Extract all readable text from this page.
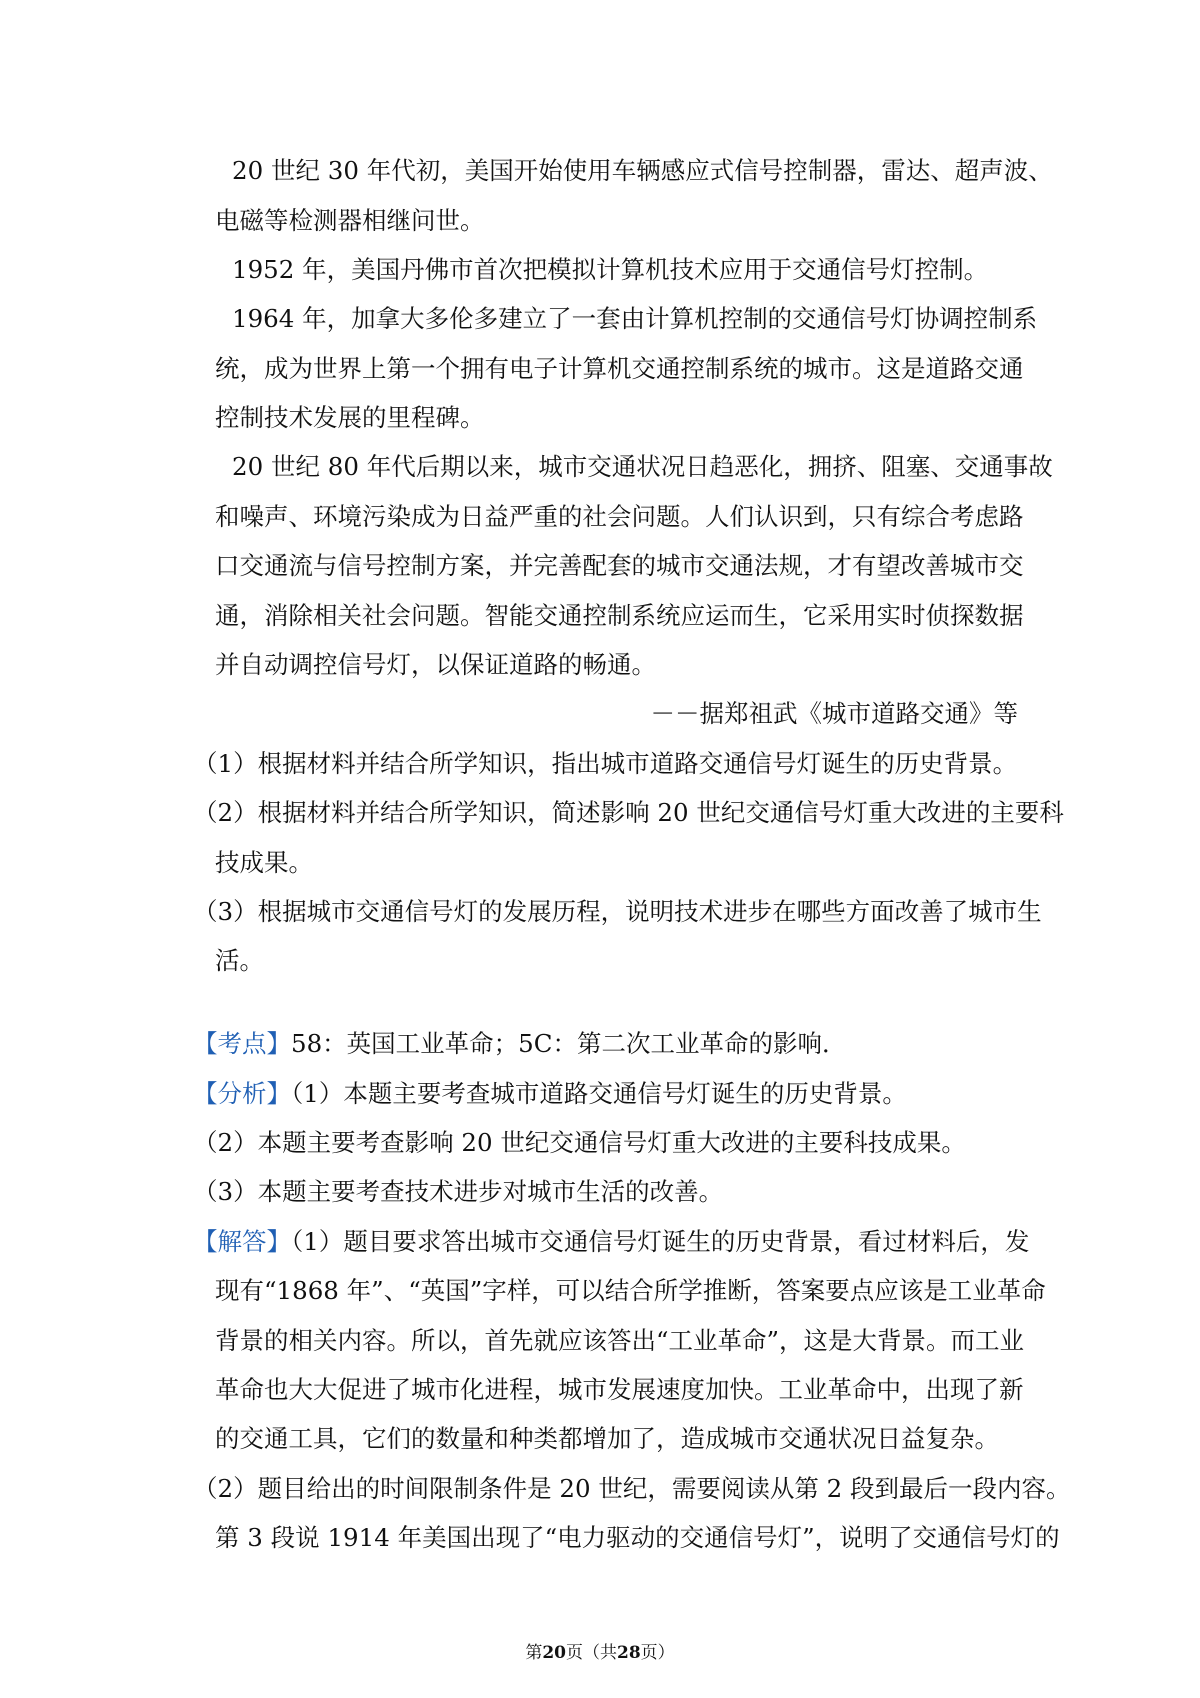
20 世纪 30 年代初，美国开始使用车辆感应式信号控制器，雷达、超声波、
电磁等检测器相继问世。
1952 年，美国丹佛市首次把模拟计算机技术应用于交通信号灯控制。
1964 年，加拿大多伦多建立了一套由计算机控制的交通信号灯协调控制系
统，成为世界上第一个拥有电子计算机交通控制系统的城市。这是道路交通
控制技术发展的里程碑。
20 世纪 80 年代后期以来，城市交通状况日趋恶化，拥挤、阻塞、交通事故
和噪声、环境污染成为日益严重的社会问题。人们认识到，只有综合考虑路
口交通流与信号控制方案，并完善配套的城市交通法规，才有望改善城市交
通，消除相关社会问题。智能交通控制系统应运而生，它采用实时侦探数据
并自动调控信号灯，以保证道路的畅通。
－－据郑祖武《城市道路交通》等
（1）根据材料并结合所学知识，指出城市道路交通信号灯诞生的历史背景。
（2）根据材料并结合所学知识，简述影响 20 世纪交通信号灯重大改进的主要科
技成果。
（3）根据城市交通信号灯的发展历程，说明技术进步在哪些方面改善了城市生
活。
【考点】58：英国工业革命；5C：第二次工业革命的影响．
【分析】（1）本题主要考查城市道路交通信号灯诞生的历史背景。
（2）本题主要考查影响 20 世纪交通信号灯重大改进的主要科技成果。
（3）本题主要考查技术进步对城市生活的改善。
【解答】（1）题目要求答出城市交通信号灯诞生的历史背景，看过材料后，发
现有“1868 年”、“英国”字样，可以结合所学推断，答案要点应该是工业革命
背景的相关内容。所以，首先就应该答出“工业革命”，这是大背景。而工业
革命也大大促进了城市化进程，城市发展速度加快。工业革命中，出现了新
的交通工具，它们的数量和种类都增加了，造成城市交通状况日益复杂。
（2）题目给出的时间限制条件是 20 世纪，需要阅读从第 2 段到最后一段内容。
第 3 段说 1914 年美国出现了“电力驱动的交通信号灯”，说明了交通信号灯的
第20页（共28页）
